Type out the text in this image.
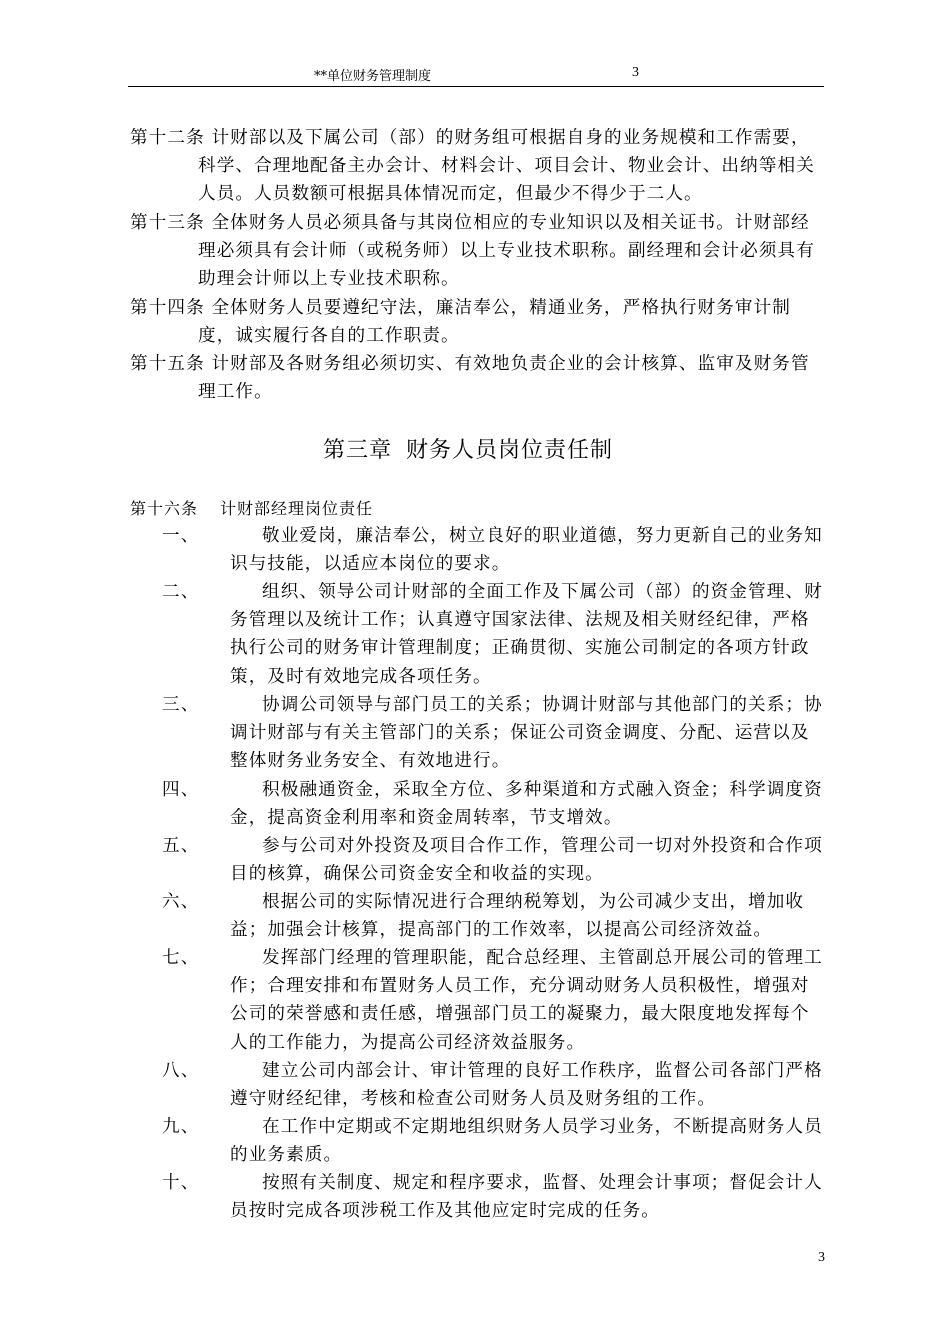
**单位财务管理制度	3
第十二条 计财部以及下属公司（部）的财务组可根据自身的业务规模和工作需要，科学、合理地配备主办会计、材料会计、项目会计、物业会计、出纳等相关人员。人员数额可根据具体情况而定，但最少不得少于二人。
第十三条 全体财务人员必须具备与其岗位相应的专业知识以及相关证书。计财部经理必须具有会计师（或税务师）以上专业技术职称。副经理和会计必须具有助理会计师以上专业技术职称。
第十四条 全体财务人员要遵纪守法，廉洁奉公，精通业务，严格执行财务审计制度，诚实履行各自的工作职责。
第十五条 计财部及各财务组必须切实、有效地负责企业的会计核算、监审及财务管理工作。
第三章 财务人员岗位责任制
第十六条 计财部经理岗位责任
一、	敬业爱岗，廉洁奉公，树立良好的职业道德，努力更新自己的业务知识与技能，以适应本岗位的要求。
二、	组织、领导公司计财部的全面工作及下属公司（部）的资金管理、财务管理以及统计工作；认真遵守国家法律、法规及相关财经纪律，严格执行公司的财务审计管理制度；正确贯彻、实施公司制定的各项方针政策，及时有效地完成各项任务。
三、	协调公司领导与部门员工的关系；协调计财部与其他部门的关系；协调计财部与有关主管部门的关系；保证公司资金调度、分配、运营以及整体财务业务安全、有效地进行。
四、	积极融通资金，采取全方位、多种渠道和方式融入资金；科学调度资金，提高资金利用率和资金周转率，节支增效。
五、	参与公司对外投资及项目合作工作，管理公司一切对外投资和合作项目的核算，确保公司资金安全和收益的实现。
六、	根据公司的实际情况进行合理纳税筹划，为公司减少支出，增加收益；加强会计核算，提高部门的工作效率，以提高公司经济效益。
七、	发挥部门经理的管理职能，配合总经理、主管副总开展公司的管理工作；合理安排和布置财务人员工作，充分调动财务人员积极性，增强对公司的荣誉感和责任感，增强部门员工的凝聚力，最大限度地发挥每个人的工作能力，为提高公司经济效益服务。
八、	建立公司内部会计、审计管理的良好工作秩序，监督公司各部门严格遵守财经纪律，考核和检查公司财务人员及财务组的工作。
九、	在工作中定期或不定期地组织财务人员学习业务，不断提高财务人员的业务素质。
十、	按照有关制度、规定和程序要求，监督、处理会计事项；督促会计人员按时完成各项涉税工作及其他应定时完成的任务。
3
